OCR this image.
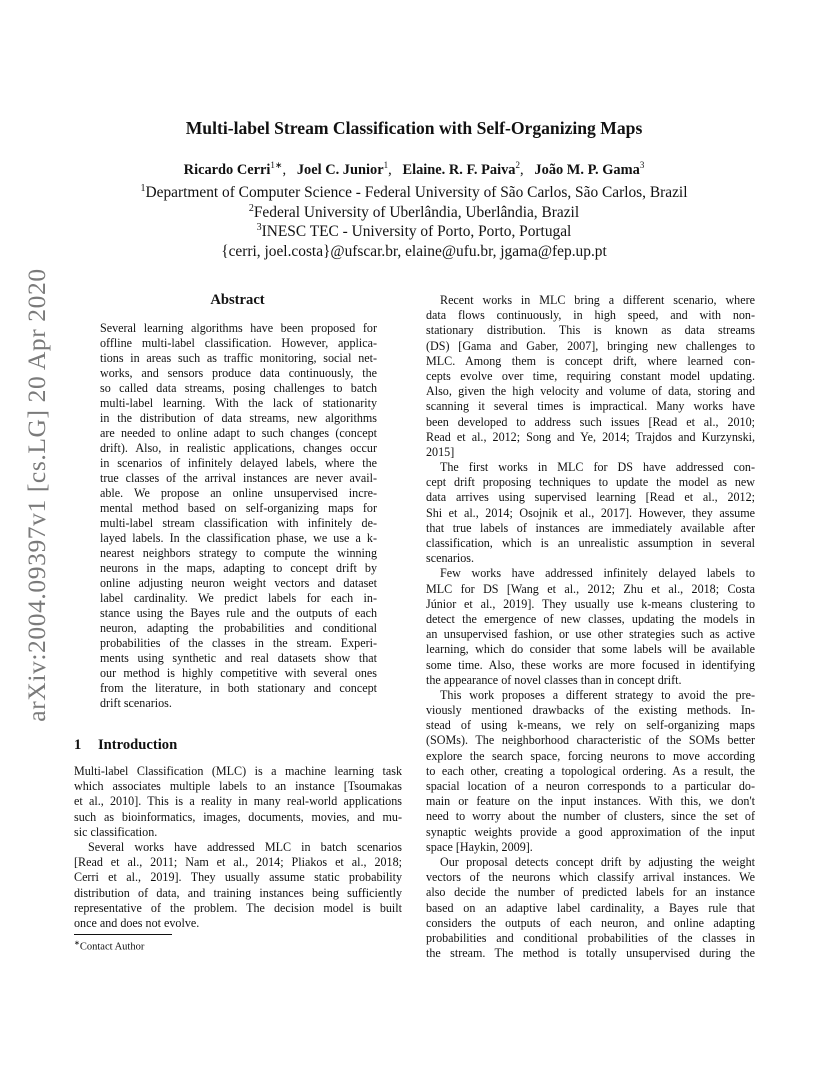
arXiv:2004.09397v1 [cs.LG] 20 Apr 2020
Multi-label Stream Classification with Self-Organizing Maps
Ricardo Cerri$^{1∗}$,   Joel C. Junior$^1$,   Elaine. R. F. Paiva$^2$,   João M. P. Gama$^3$
$^1$Department of Computer Science - Federal University of São Carlos, São Carlos, Brazil
$^2$Federal University of Uberlândia, Uberlândia, Brazil
$^3$INESC TEC - University of Porto, Porto, Portugal
{cerri, joel.costa}@ufscar.br, elaine@ufu.br, jgama@fep.up.pt
Abstract
Several learning algorithms have been proposed for
offline multi-label classification. However, applica-
tions in areas such as traffic monitoring, social net-
works, and sensors produce data continuously, the
so called data streams, posing challenges to batch
multi-label learning. With the lack of stationarity
in the distribution of data streams, new algorithms
are needed to online adapt to such changes (concept
drift). Also, in realistic applications, changes occur
in scenarios of infinitely delayed labels, where the
true classes of the arrival instances are never avail-
able. We propose an online unsupervised incre-
mental method based on self-organizing maps for
multi-label stream classification with infinitely de-
layed labels. In the classification phase, we use a k-
nearest neighbors strategy to compute the winning
neurons in the maps, adapting to concept drift by
online adjusting neuron weight vectors and dataset
label cardinality. We predict labels for each in-
stance using the Bayes rule and the outputs of each
neuron, adapting the probabilities and conditional
probabilities of the classes in the stream. Experi-
ments using synthetic and real datasets show that
our method is highly competitive with several ones
from the literature, in both stationary and concept
drift scenarios.
1 Introduction
Multi-label Classification (MLC) is a machine learning task
which associates multiple labels to an instance [Tsoumakas
et al., 2010]. This is a reality in many real-world applications
such as bioinformatics, images, documents, movies, and mu-
sic classification.
Several works have addressed MLC in batch scenarios
[Read et al., 2011; Nam et al., 2014; Pliakos et al., 2018;
Cerri et al., 2019]. They usually assume static probability
distribution of data, and training instances being sufficiently
representative of the problem. The decision model is built
once and does not evolve.
Recent works in MLC bring a different scenario, where
data flows continuously, in high speed, and with non-
stationary distribution. This is known as data streams
(DS) [Gama and Gaber, 2007], bringing new challenges to
MLC. Among them is concept drift, where learned con-
cepts evolve over time, requiring constant model updating.
Also, given the high velocity and volume of data, storing and
scanning it several times is impractical. Many works have
been developed to address such issues [Read et al., 2010;
Read et al., 2012; Song and Ye, 2014; Trajdos and Kurzynski,
2015]
The first works in MLC for DS have addressed con-
cept drift proposing techniques to update the model as new
data arrives using supervised learning [Read et al., 2012;
Shi et al., 2014; Osojnik et al., 2017]. However, they assume
that true labels of instances are immediately available after
classification, which is an unrealistic assumption in several
scenarios.
Few works have addressed infinitely delayed labels to
MLC for DS [Wang et al., 2012; Zhu et al., 2018; Costa
Júnior et al., 2019]. They usually use k-means clustering to
detect the emergence of new classes, updating the models in
an unsupervised fashion, or use other strategies such as active
learning, which do consider that some labels will be available
some time. Also, these works are more focused in identifying
the appearance of novel classes than in concept drift.
This work proposes a different strategy to avoid the pre-
viously mentioned drawbacks of the existing methods. In-
stead of using k-means, we rely on self-organizing maps
(SOMs). The neighborhood characteristic of the SOMs better
explore the search space, forcing neurons to move according
to each other, creating a topological ordering. As a result, the
spacial location of a neuron corresponds to a particular do-
main or feature on the input instances. With this, we don't
need to worry about the number of clusters, since the set of
synaptic weights provide a good approximation of the input
space [Haykin, 2009].
Our proposal detects concept drift by adjusting the weight
vectors of the neurons which classify arrival instances. We
also decide the number of predicted labels for an instance
based on an adaptive label cardinality, a Bayes rule that
considers the outputs of each neuron, and online adapting
probabilities and conditional probabilities of the classes in
the stream. The method is totally unsupervised during the
∗Contact Author
